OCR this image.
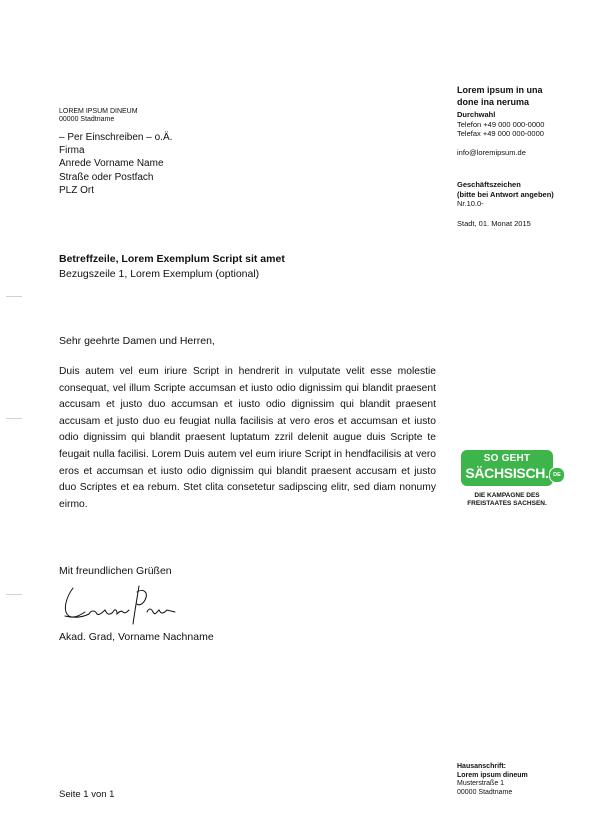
LOREM IPSUM DINEUM
00000 Stadtname
– Per Einschreiben – o.Ä.
Firma
Anrede Vorname Name
Straße oder Postfach
PLZ Ort
Lorem ipsum in una
done ina neruma
Durchwahl
Telefon +49 000 000-0000
Telefax +49 000 000-0000
info@loremipsum.de
Geschäftszeichen
(bitte bei Antwort angeben)
Nr.10.0-
Stadt, 01. Monat 2015
Betreffzeile, Lorem Exemplum Script sit amet
Bezugszeile 1, Lorem Exemplum (optional)
Sehr geehrte Damen und Herren,
Duis autem vel eum iriure Script in hendrerit in vulputate velit esse molestie consequat, vel illum Scripte accumsan et iusto odio dignissim qui blandit praesent accusam et justo duo accumsan et iusto odio dignissim qui blandit praesent accusam et justo duo eu feugiat nulla facilisis at vero eros et accumsan et iusto odio dignissim qui blandit praesent luptatum zzril delenit augue duis Scripte te feugait nulla facilisi. Lorem Duis autem vel eum iriure Script in hendfacilisis at vero eros et accumsan et iusto odio dignissim qui blandit praesent accusam et justo duo Scriptes et ea rebum. Stet clita consetetur sadipscing elitr, sed diam nonumy eirmo.
SO GEHT
SÄCHSISCH. DE
DIE KAMPAGNE DES
FREISTAATES SACHSEN.
Mit freundlichen Grüßen
Akad. Grad, Vorname Nachname
Seite 1 von 1
Hausanschrift:
Lorem ipsum dineum
Musterstraße 1
00000 Stadtname
